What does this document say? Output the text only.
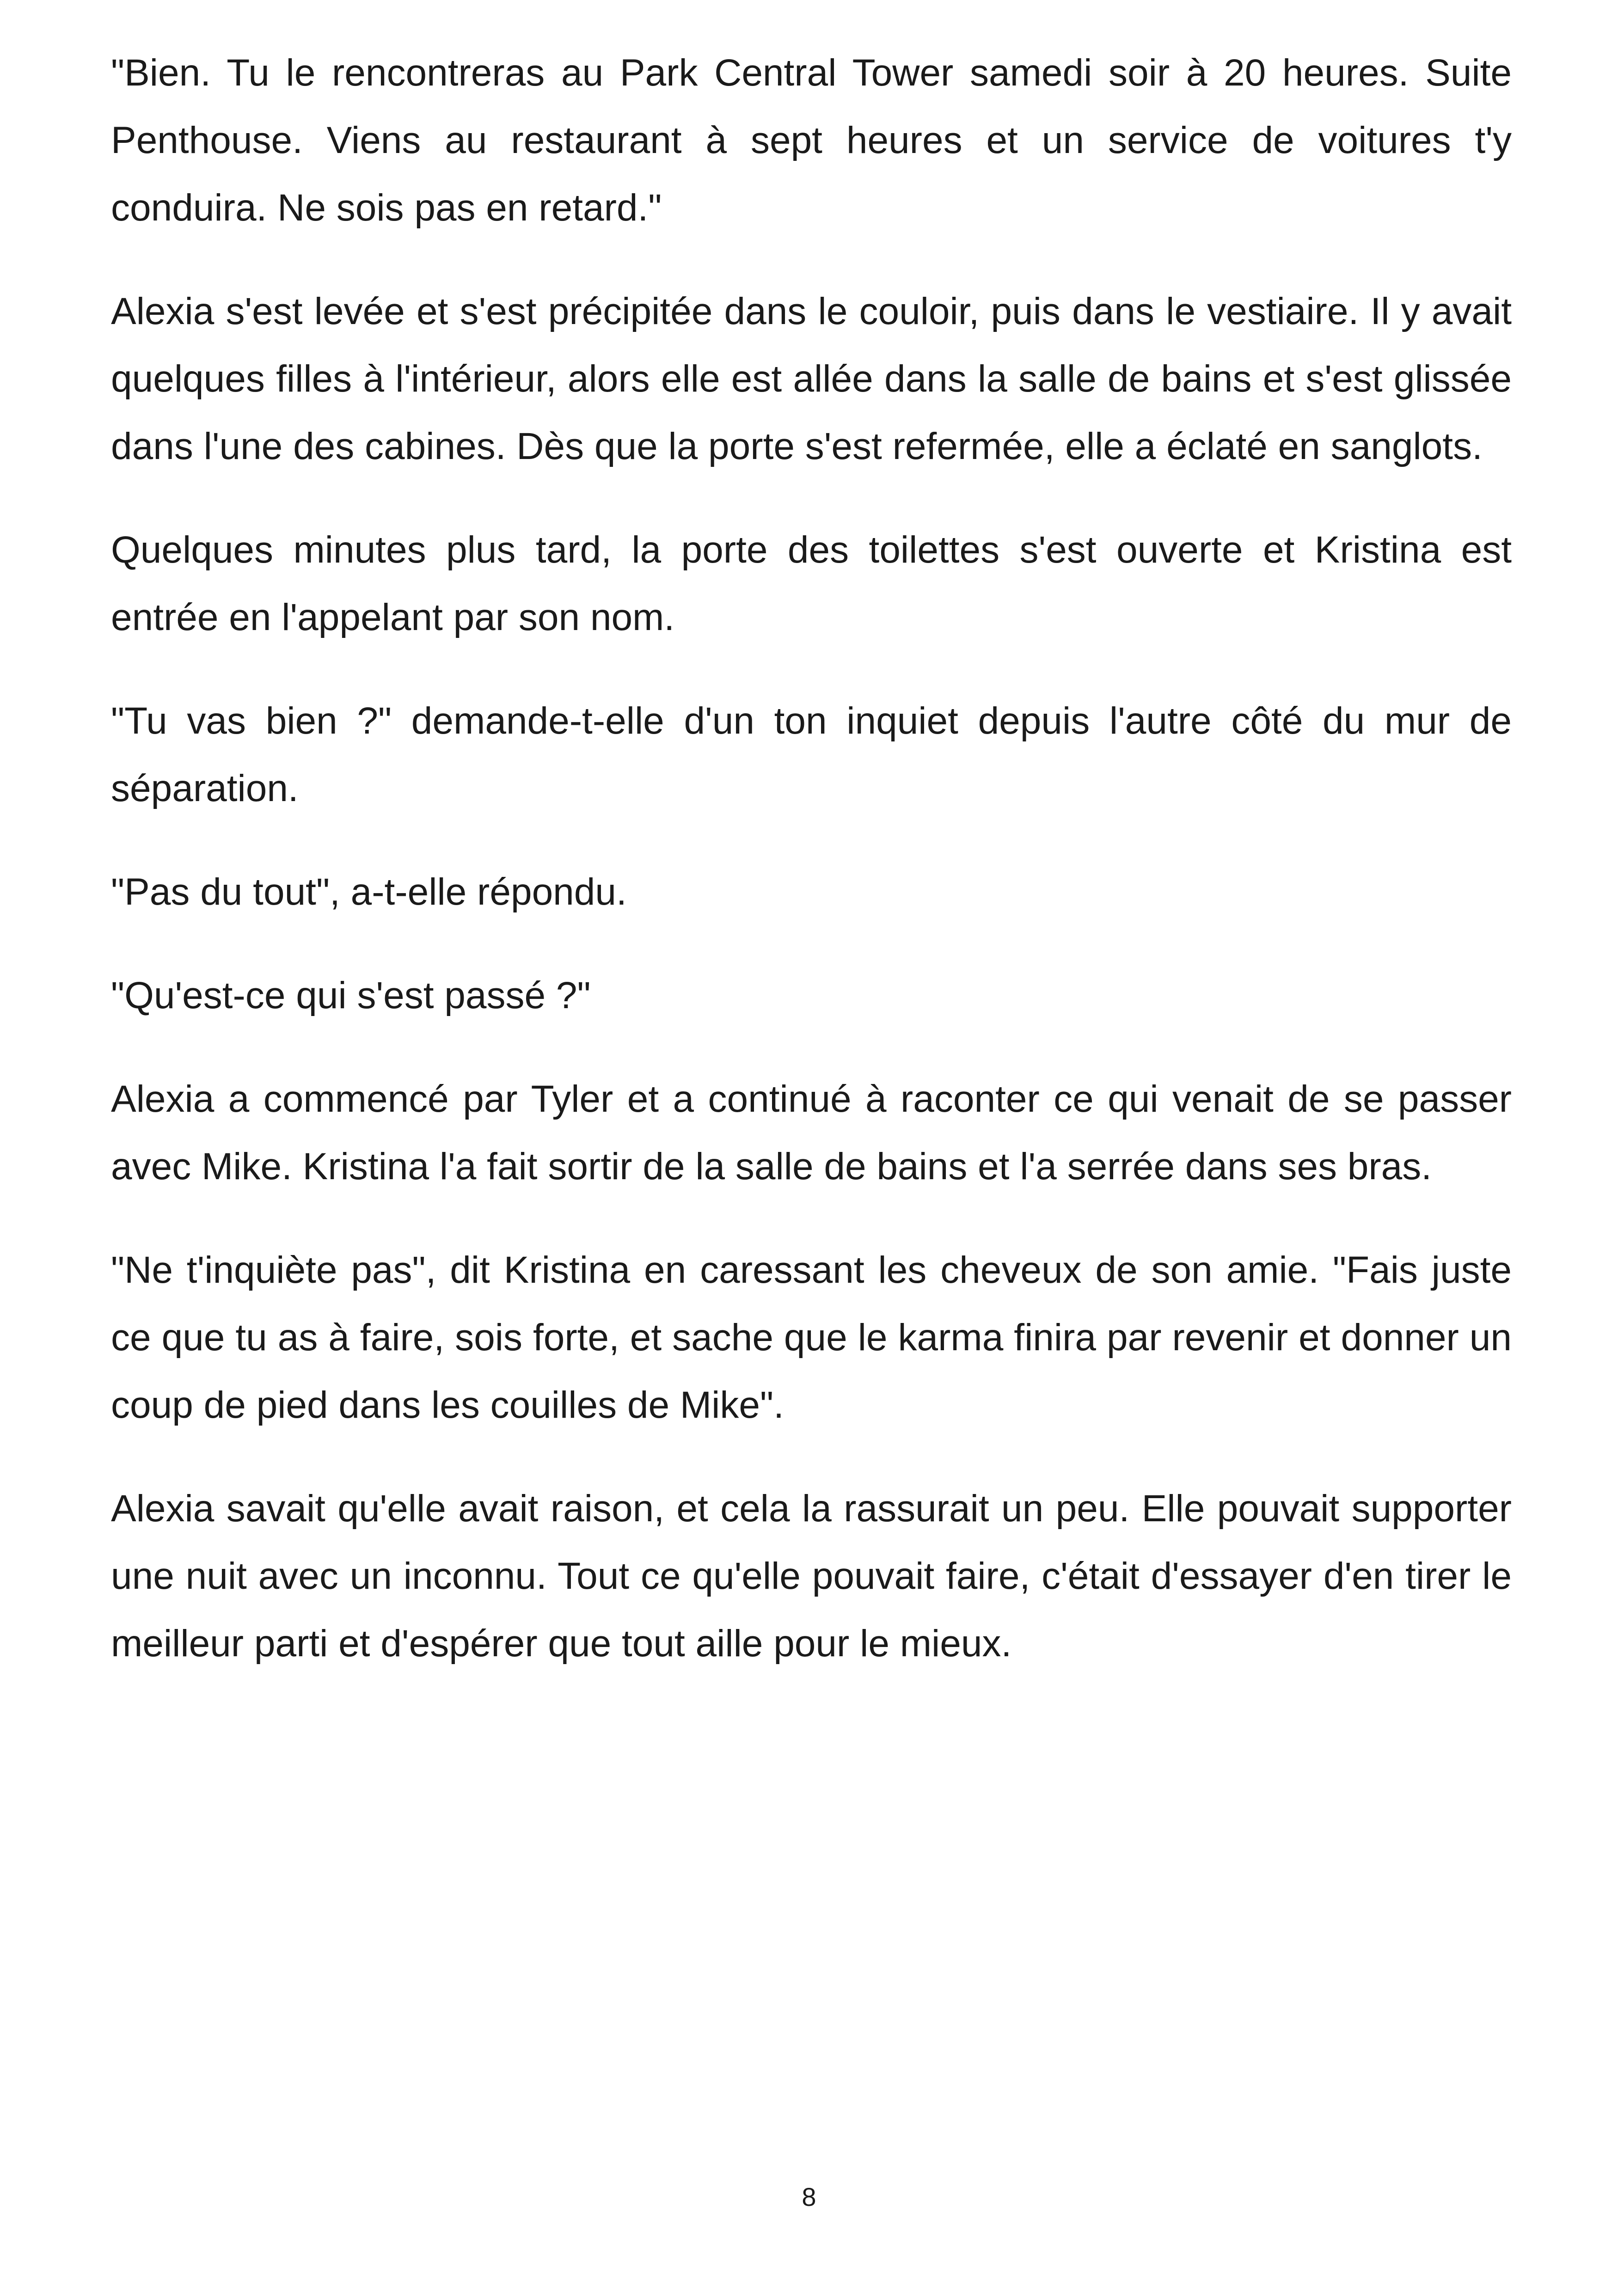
"Bien. Tu le rencontreras au Park Central Tower samedi soir à 20 heures. Suite Penthouse. Viens au restaurant à sept heures et un service de voitures t'y conduira. Ne sois pas en retard."

Alexia s'est levée et s'est précipitée dans le couloir, puis dans le vestiaire. Il y avait quelques filles à l'intérieur, alors elle est allée dans la salle de bains et s'est glissée dans l'une des cabines. Dès que la porte s'est refermée, elle a éclaté en sanglots.

Quelques minutes plus tard, la porte des toilettes s'est ouverte et Kristina est entrée en l'appelant par son nom.

"Tu vas bien ?" demande-t-elle d'un ton inquiet depuis l'autre côté du mur de séparation.

"Pas du tout", a-t-elle répondu.

"Qu'est-ce qui s'est passé ?"

Alexia a commencé par Tyler et a continué à raconter ce qui venait de se passer avec Mike. Kristina l'a fait sortir de la salle de bains et l'a serrée dans ses bras.

"Ne t'inquiète pas", dit Kristina en caressant les cheveux de son amie. "Fais juste ce que tu as à faire, sois forte, et sache que le karma finira par revenir et donner un coup de pied dans les couilles de Mike".

Alexia savait qu'elle avait raison, et cela la rassurait un peu. Elle pouvait supporter une nuit avec un inconnu. Tout ce qu'elle pouvait faire, c'était d'essayer d'en tirer le meilleur parti et d'espérer que tout aille pour le mieux.

8
